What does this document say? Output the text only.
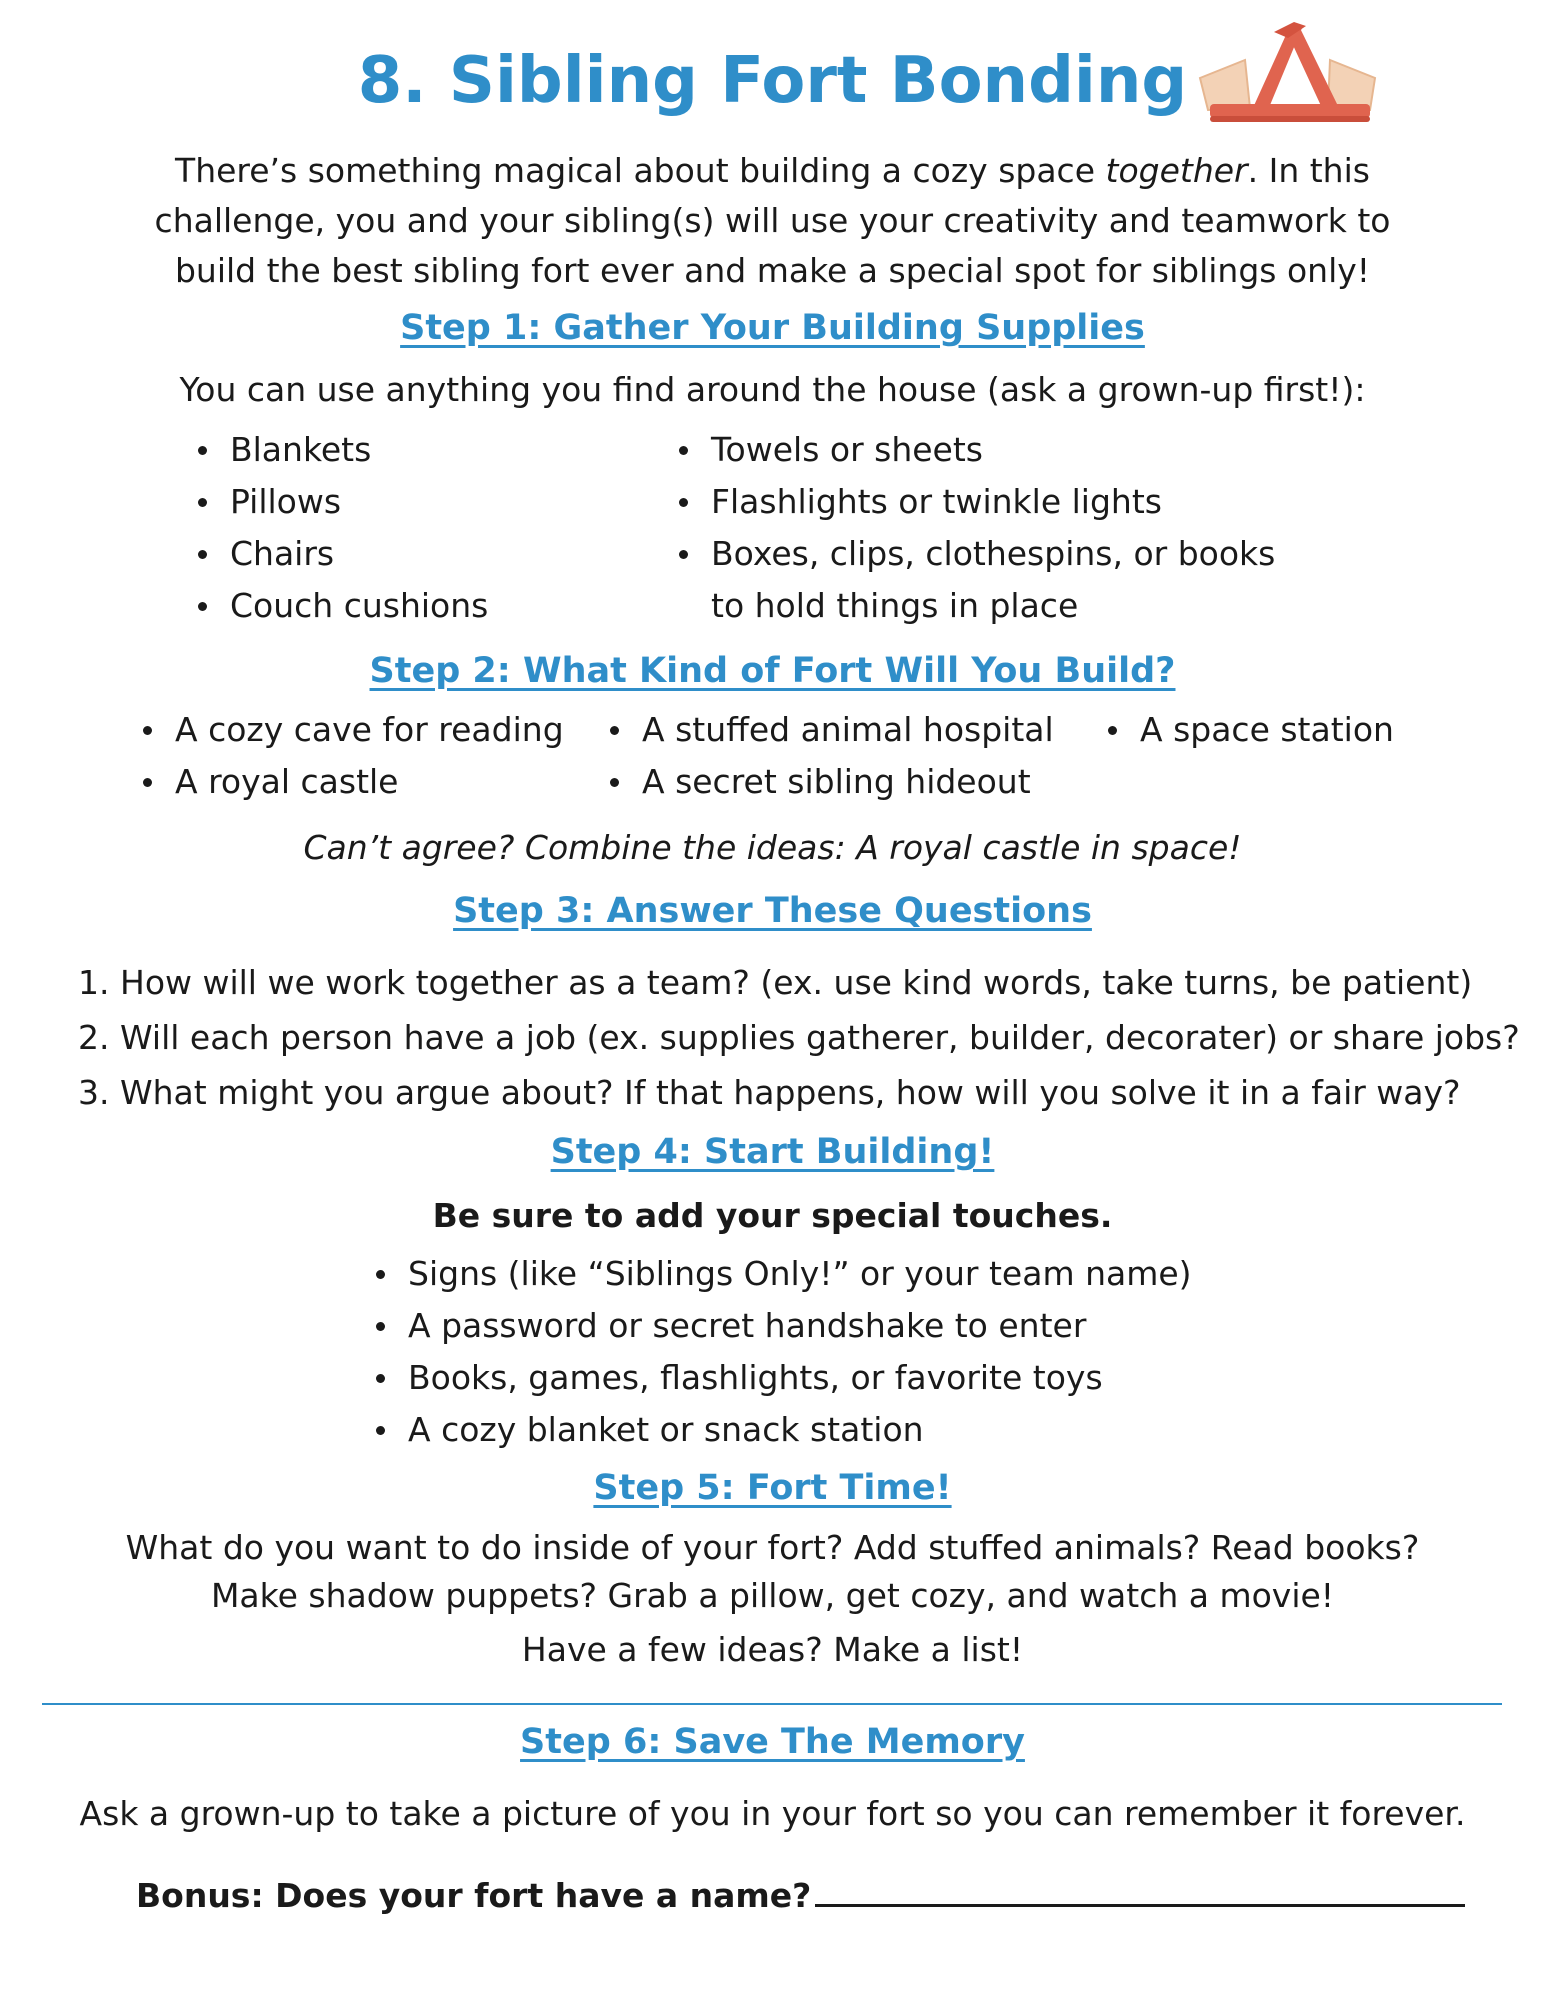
8. Sibling Fort Bonding

There’s something magical about building a cozy space together. In this

challenge, you and your sibling(s) will use your creativity and teamwork to

build the best sibling fort ever and make a special spot for siblings only!

Step 1: Gather Your Building Supplies

You can use anything you find around the house (ask a grown-up first!):

Blankets
Pillows
Chairs
Couch cushions
Towels or sheets
Flashlights or twinkle lights
Boxes, clips, clothespins, or books
to hold things in place

Step 2: What Kind of Fort Will You Build?

A cozy cave for reading
A royal castle
A stuffed animal hospital
A secret sibling hideout
A space station

Can’t agree? Combine the ideas: A royal castle in space!

Step 3: Answer These Questions

1. How will we work together as a team? (ex. use kind words, take turns, be patient)
2. Will each person have a job (ex. supplies gatherer, builder, decorater) or share jobs?
3. What might you argue about? If that happens, how will you solve it in a fair way?

Step 4: Start Building!

Be sure to add your special touches.

Signs (like “Siblings Only!” or your team name)
A password or secret handshake to enter
Books, games, flashlights, or favorite toys
A cozy blanket or snack station

Step 5: Fort Time!

What do you want to do inside of your fort? Add stuffed animals? Read books?
Make shadow puppets? Grab a pillow, get cozy, and watch a movie!
Have a few ideas? Make a list!

Step 6: Save The Memory

Ask a grown-up to take a picture of you in your fort so you can remember it forever.

Bonus: Does your fort have a name?
